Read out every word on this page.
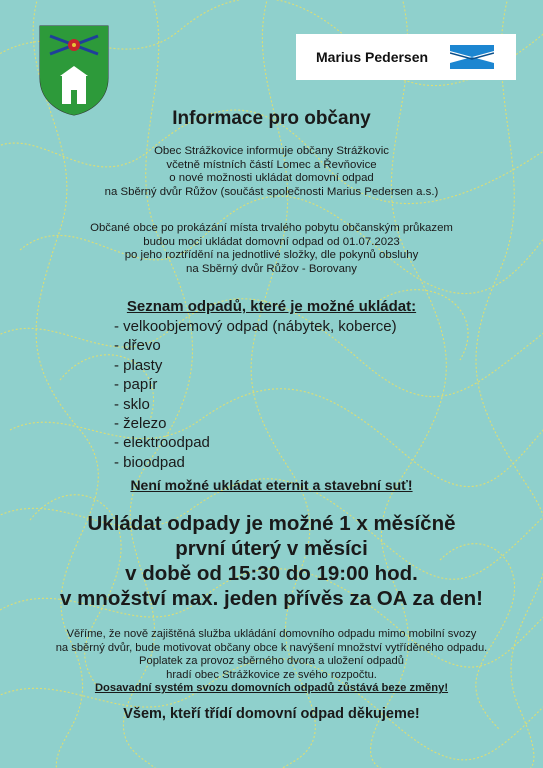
Marius Pedersen
Informace pro občany
Obec Strážkovice informuje občany Strážkovic
včetně místních částí Lomec a Řevňovice
o nové možnosti ukládat domovní odpad
na Sběrný dvůr Růžov (součást společnosti Marius Pedersen a.s.)
Občané obce po prokázání místa trvalého pobytu občanským průkazem
budou moci ukládat domovní odpad od 01.07.2023
po jeho roztřídění na jednotlivé složky, dle pokynů obsluhy
na Sběrný dvůr Růžov - Borovany
Seznam odpadů, které je možné ukládat:
- velkoobjemový odpad (nábytek, koberce)
- dřevo
- plasty
- papír
- sklo
- železo
- elektroodpad
- bioodpad
Není možné ukládat eternit a stavební suť!
Ukládat odpady je možné 1 x měsíčně
první úterý v měsíci
v době od 15:30 do 19:00 hod.
v množství max. jeden přívěs za OA za den!
Věříme, že nově zajištěná služba ukládání domovního odpadu mimo mobilní svozy
na sběrný dvůr, bude motivovat občany obce k navýšení množství vytříděného odpadu.
Poplatek za provoz sběrného dvora a uložení odpadů
hradí obec Strážkovice ze svého rozpočtu.
Dosavadní systém svozu domovních odpadů zůstává beze změny!
Všem, kteří třídí domovní odpad děkujeme!
